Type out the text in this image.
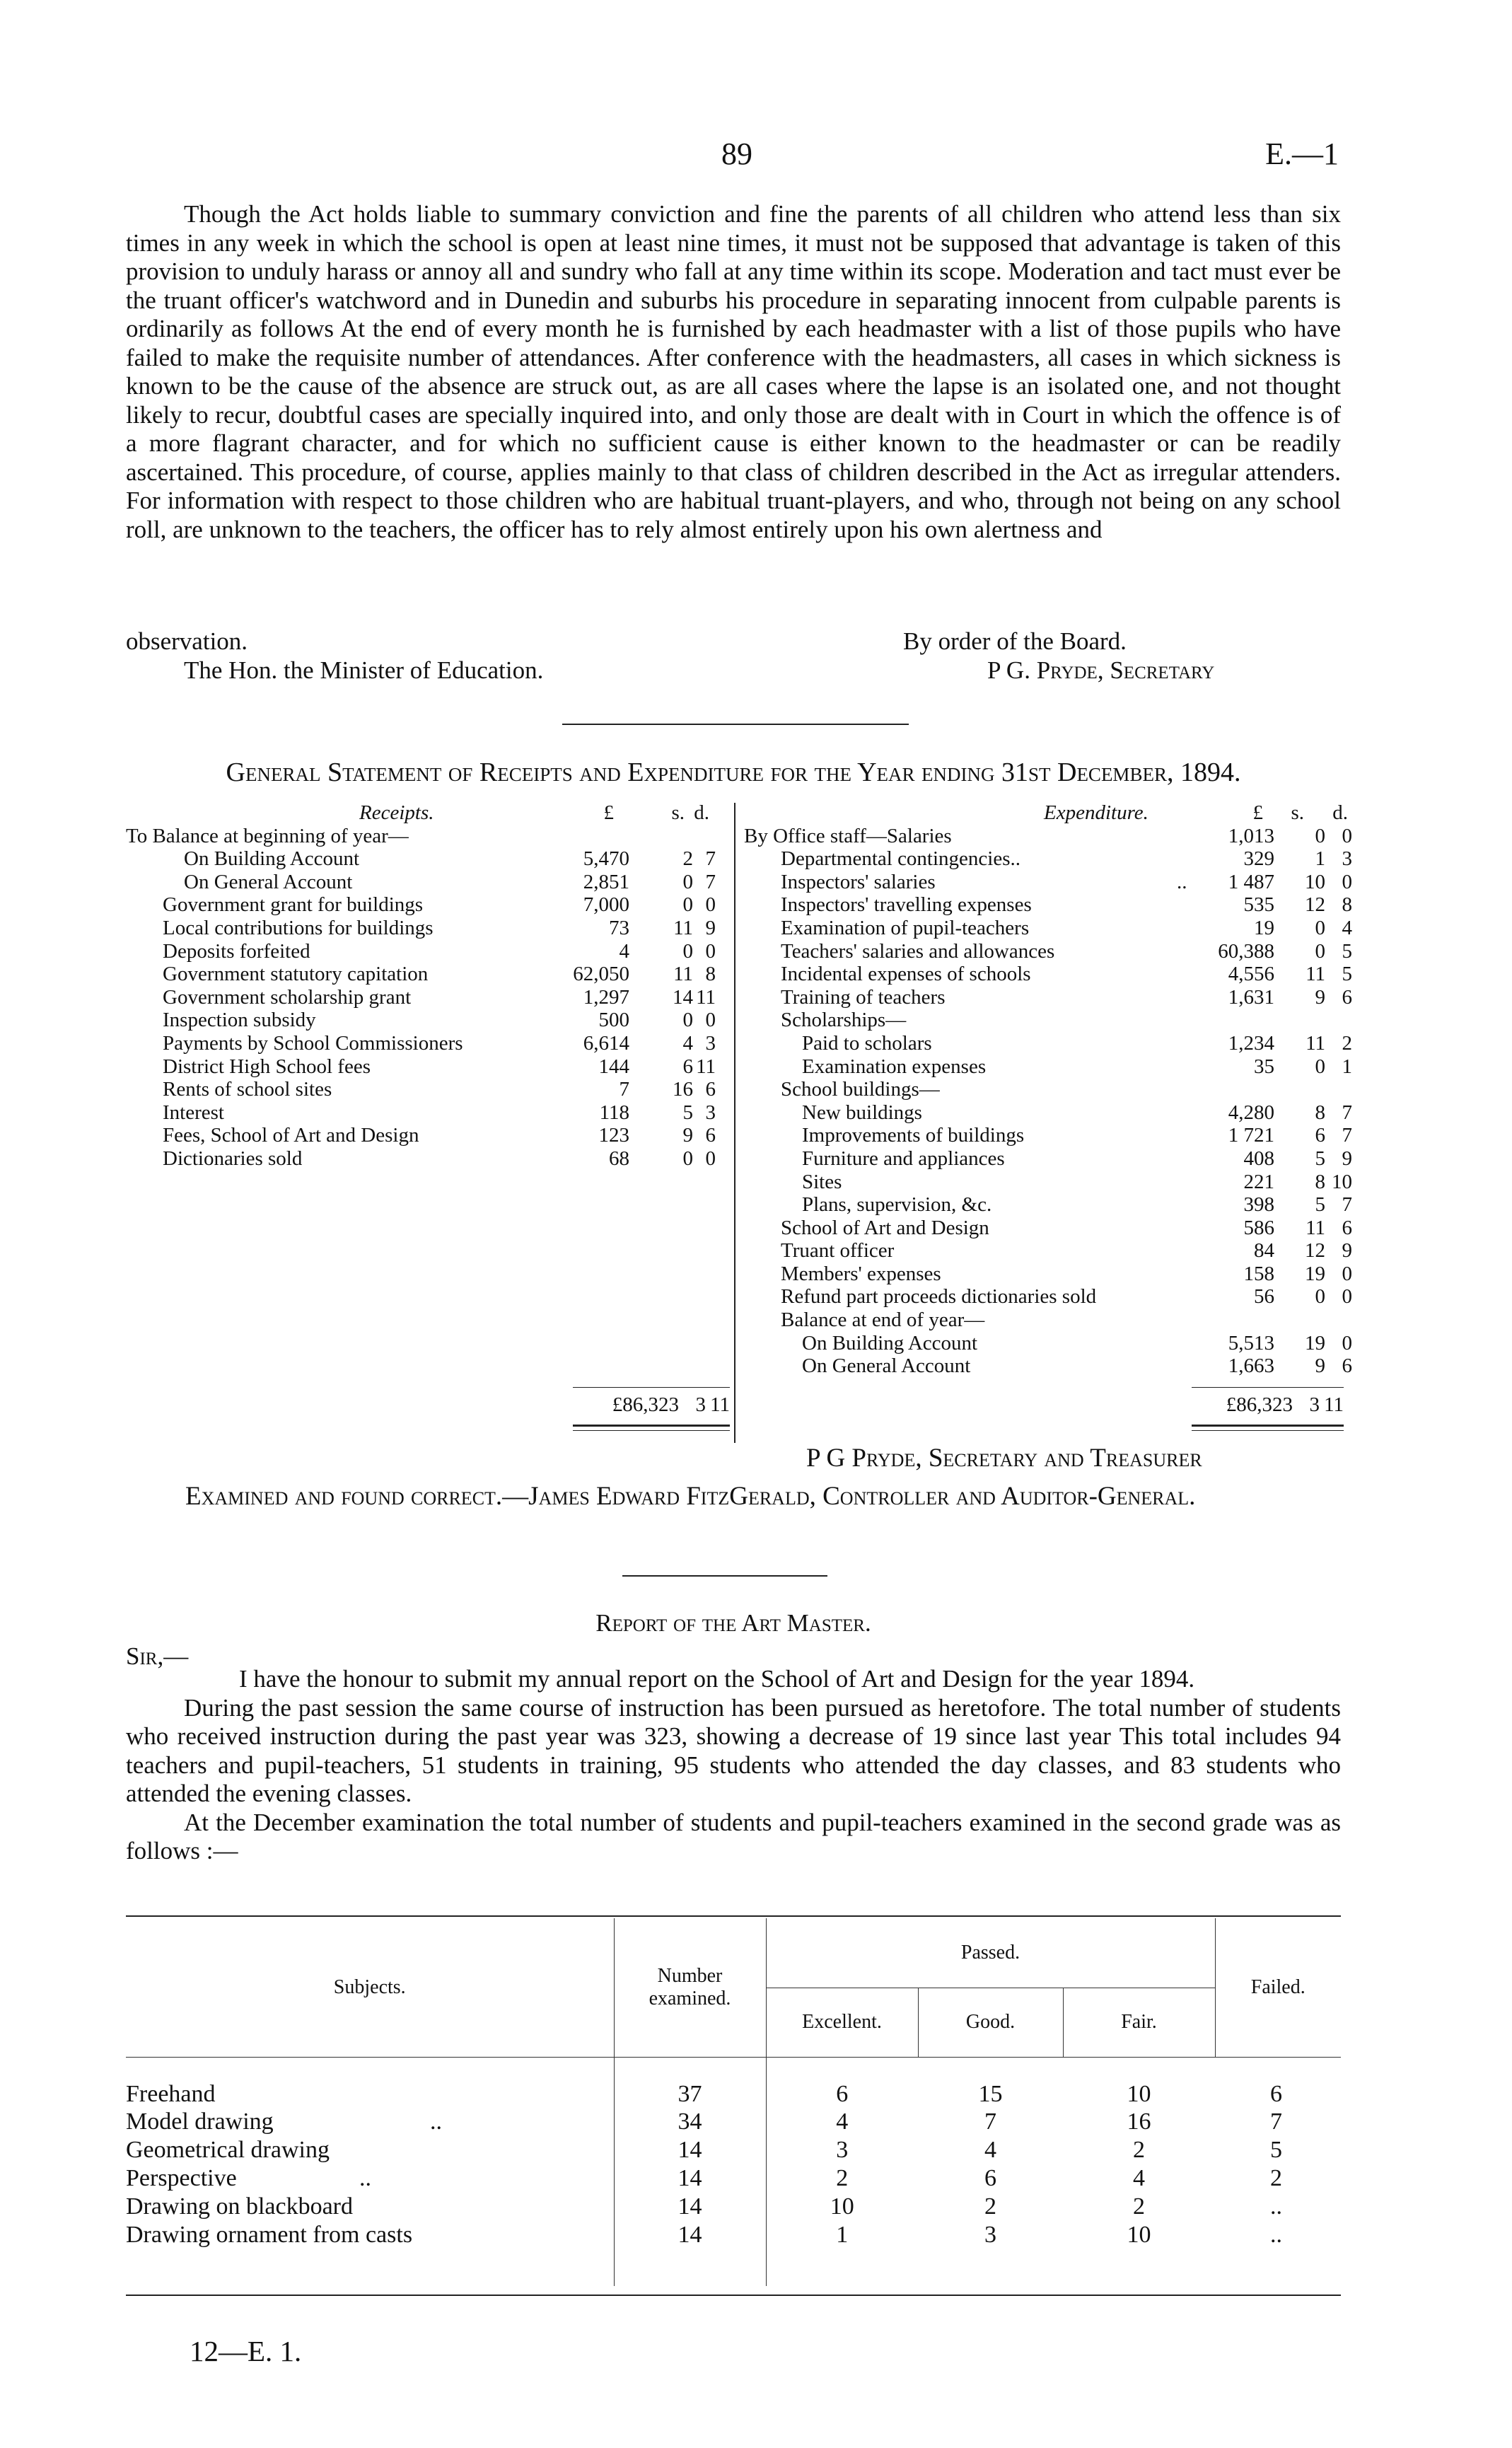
89	E.—1

Though the Act holds liable to summary conviction and fine the parents of all children who attend less than six times in any week in which the school is open at least nine times, it must not be supposed that advantage is taken of this provision to unduly harass or annoy all and sundry who fall at any time within its scope. Moderation and tact must ever be the truant officer's watchword and in Dunedin and suburbs his procedure in separating innocent from culpable parents is ordinarily as follows At the end of every month he is furnished by each headmaster with a list of those pupils who have failed to make the requisite number of attendances. After conference with the headmasters, all cases in which sickness is known to be the cause of the absence are struck out, as are all cases where the lapse is an isolated one, and not thought likely to recur, doubtful cases are specially inquired into, and only those are dealt with in Court in which the offence is of a more flagrant character, and for which no sufficient cause is either known to the headmaster or can be readily ascertained. This procedure, of course, applies mainly to that class of children described in the Act as irregular attenders. For information with respect to those children who are habitual truant-players, and who, through not being on any school roll, are unknown to the teachers, the officer has to rely almost entirely upon his own alertness and

observation.	By order of the Board.
The Hon. the Minister of Education.	P G. Pryde, Secretary
General Statement of Receipts and Expenditure for the Year ending 31st December, 1894.
Receipts.	£	s. d.
To Balance at beginning of year—
On Building Account	5,470	2 7
On General Account	2,851	0 7
Government grant for buildings	7,000	0 0
Local contributions for buildings	73 11 9
Deposits forfeited	4	0 0
Government statutory capitation	62,050 11 8
Government scholarship grant	1,297 14 11
Inspection subsidy	500	0 0
Payments by School Commissioners	6,614	4 3
District High School fees	144	6 11
Rents of school sites	7 16 6
Interest	118	5 3
Fees, School of Art and Design	123	9 6
Dictionaries sold	68	0 0
Expenditure.	£	s.	d.
By Office staff—Salaries	1,013 0 0
Departmental contingencies..	329 1 3
Inspectors' salaries	.. 1 487 10 0
Inspectors' travelling expenses	535 12 8
Examination of pupil-teachers	19 0 4
Teachers' salaries and allowances	60,388 0 5
Incidental expenses of schools	4,556 11 5
Training of teachers	1,631 9 6
Scholarships—
Paid to scholars	1,234 11 2
Examination expenses	35 0 1
School buildings—
New buildings	4,280 8 7
Improvements of buildings	1 721 6 7
Furniture and appliances	408 5 9
Sites	221 8 10
Plans, supervision, &c.	398 5 7
School of Art and Design	586 11 6
Truant officer	84 12 9
Members' expenses	158 19 0
Refund part proceeds dictionaries sold	56 0 0
Balance at end of year—
On Building Account	5,513 19 0
On General Account	1,663 9 6
£86,323 3 11	£86,323 3 11
P G Pryde, Secretary and Treasurer
Examined and found correct.—James Edward FitzGerald, Controller and Auditor-General.
Report of the Art Master.
Sir,—

I have the honour to submit my annual report on the School of Art and Design for the year 1894.

During the past session the same course of instruction has been pursued as heretofore. The total number of students who received instruction during the past year was 323, showing a decrease of 19 since last year This total includes 94 teachers and pupil-teachers, 51 students in training, 95 students who attended the day classes, and 83 students who attended the evening classes.

At the December examination the total number of students and pupil-teachers examined in the second grade was as follows :—

Subjects.	Number examined.	Passed.			Failed.
		Excellent.	Good.	Fair.	
Freehand	37	6	15	10	6
Model drawing ..	34	4	7	16	7
Geometrical drawing	14	3	4	2	5
Perspective ..	14	2	6	4	2
Drawing on blackboard	14	10	2	2	..
Drawing ornament from casts	14	1	3	10	..

12—E. 1.
